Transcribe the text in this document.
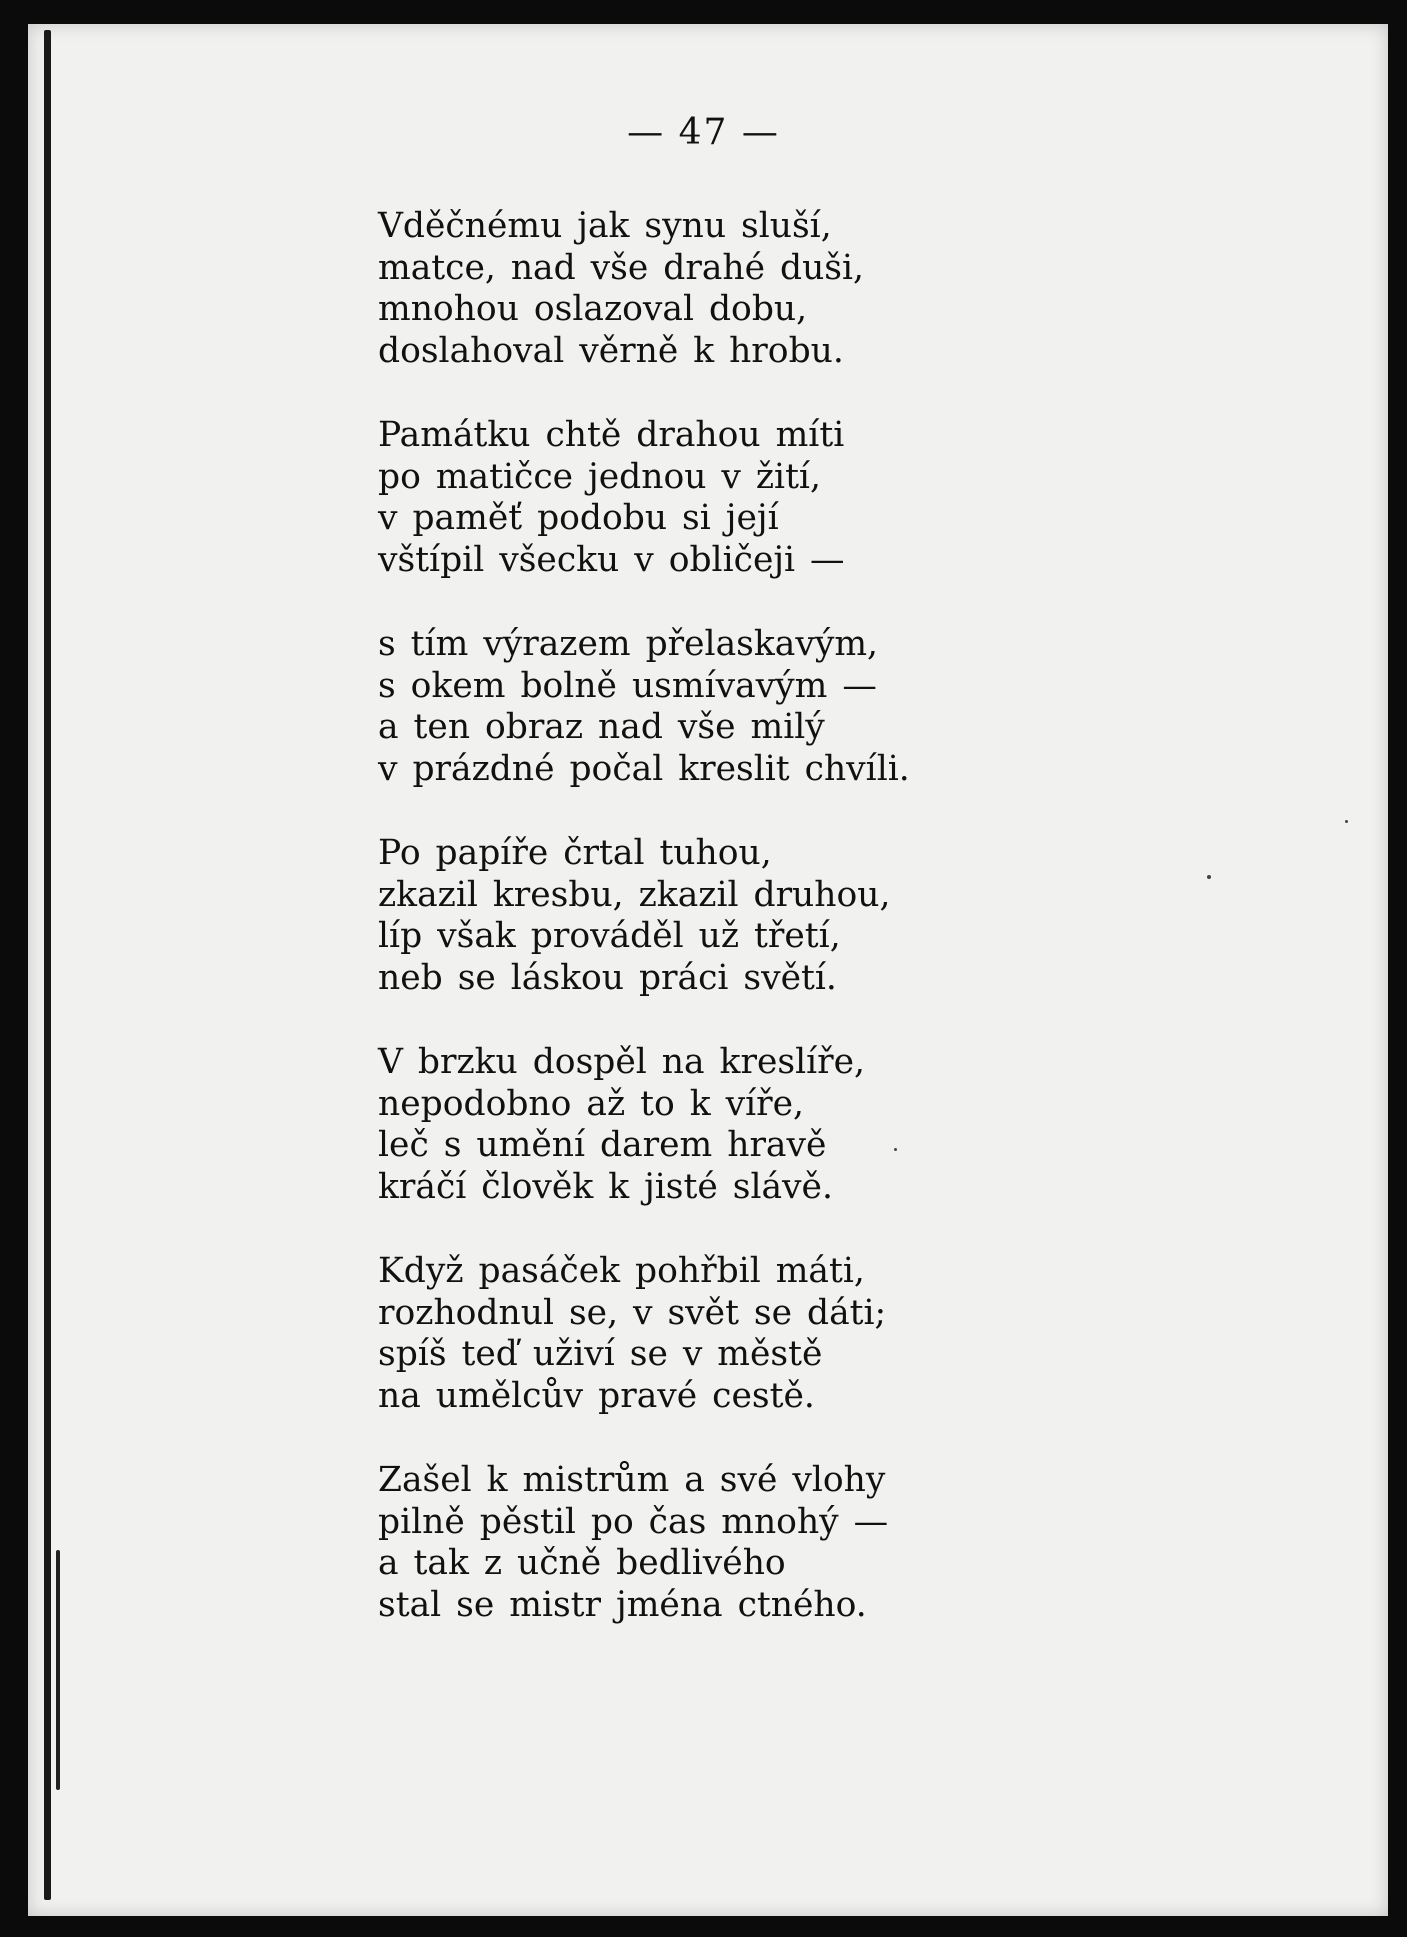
— 47 —
Vděčnému jak synu sluší,
matce, nad vše drahé duši,
mnohou oslazoval dobu,
doslahoval věrně k hrobu.
Památku chtě drahou míti
po matičce jednou v žití,
v paměť podobu si její
vštípil všecku v obličeji —
s tím výrazem přelaskavým,
s okem bolně usmívavým —
a ten obraz nad vše milý
v prázdné počal kreslit chvíli.
Po papíře črtal tuhou,
zkazil kresbu, zkazil druhou,
líp však prováděl už třetí,
neb se láskou práci světí.
V brzku dospěl na kreslíře,
nepodobno až to k víře,
leč s umění darem hravě
kráčí člověk k jisté slávě.
Když pasáček pohřbil máti,
rozhodnul se, v svět se dáti;
spíš teď uživí se v městě
na umělcův pravé cestě.
Zašel k mistrům a své vlohy
pilně pěstil po čas mnohý —
a tak z učně bedlivého
stal se mistr jména ctného.
